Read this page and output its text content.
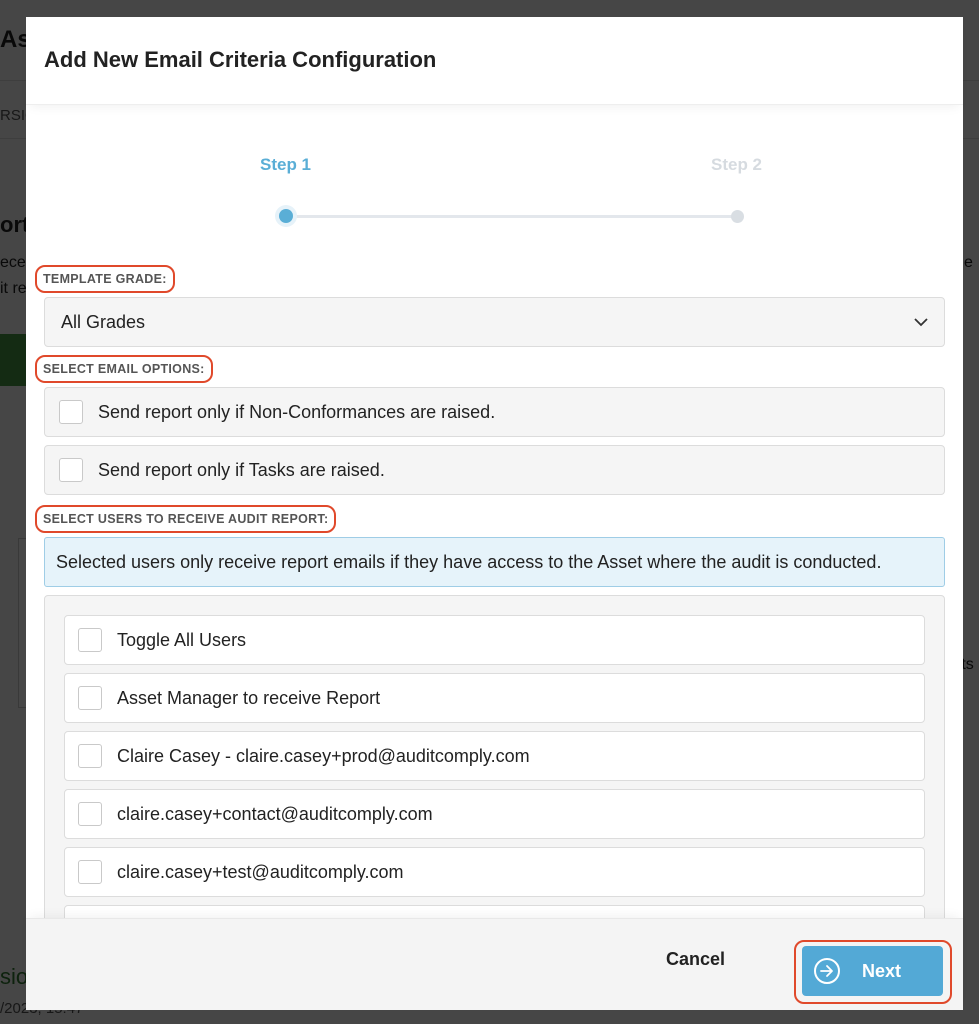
Add New Email Criteria Configuration
Step 1	Step 2
TEMPLATE GRADE:
All Grades
SELECT EMAIL OPTIONS:
Send report only if Non-Conformances are raised.
Send report only if Tasks are raised.
SELECT USERS TO RECEIVE AUDIT REPORT:
Selected users only receive report emails if they have access to the Asset where the audit is conducted.
Toggle All Users
Asset Manager to receive Report
Claire Casey - claire.casey+prod@auditcomply.com
claire.casey+contact@auditcomply.com
claire.casey+test@auditcomply.com
Cancel
Next
